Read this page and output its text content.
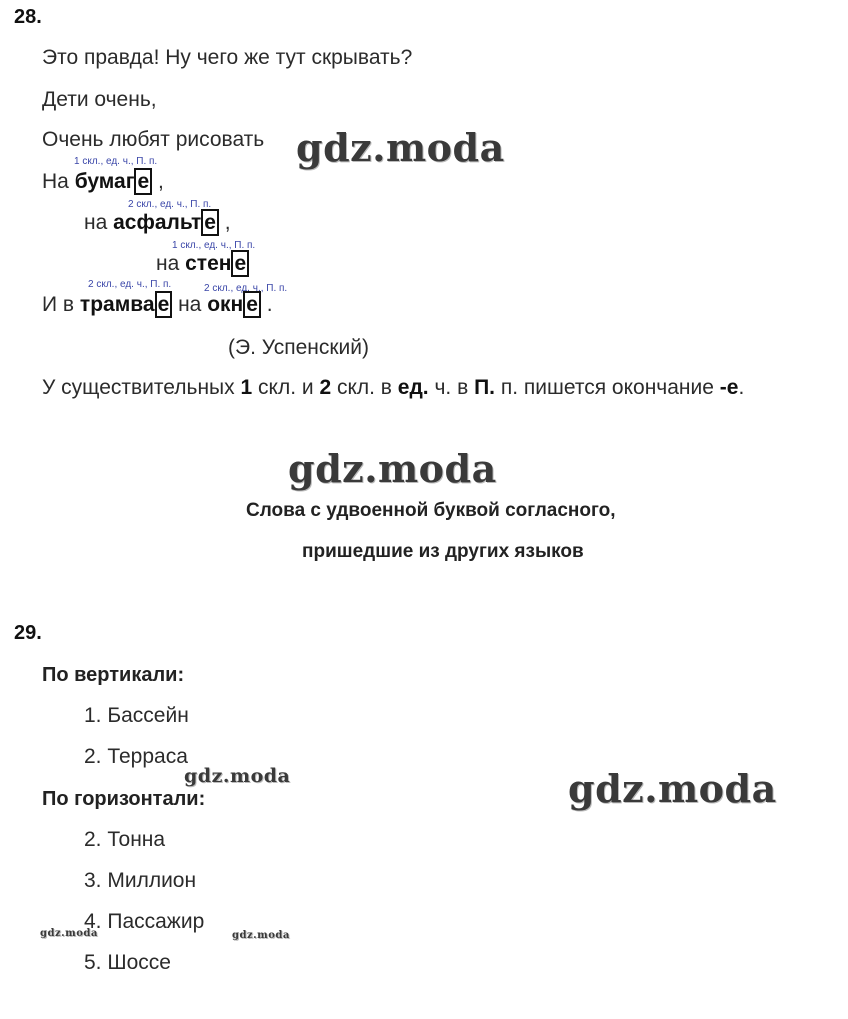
28.
Это правда! Ну чего же тут скрывать?
Дети очень,
Очень любят рисовать
1 скл., ед. ч., П. п.
На бумаг е ,
2 скл., ед. ч., П. п.
на асфальт е ,
1 скл., ед. ч., П. п.
на стен е
2 скл., ед. ч., П. п.	2 скл., ед. ч., П. п.
И в трамва е на окн е .
(Э. Успенский)
У существительных 1 скл. и 2 скл. в ед. ч. в П. п. пишется окончание -е.
Слова с удвоенной буквой согласного,
пришедшие из других языков
29.
По вертикали:
1. Бассейн
2. Терраса
По горизонтали:
2. Тонна
3. Миллион
4. Пассажир
5. Шоссе
gdz.moda
gdz.moda
gdz.moda
gdz.moda
gdz.moda	gdz.moda
